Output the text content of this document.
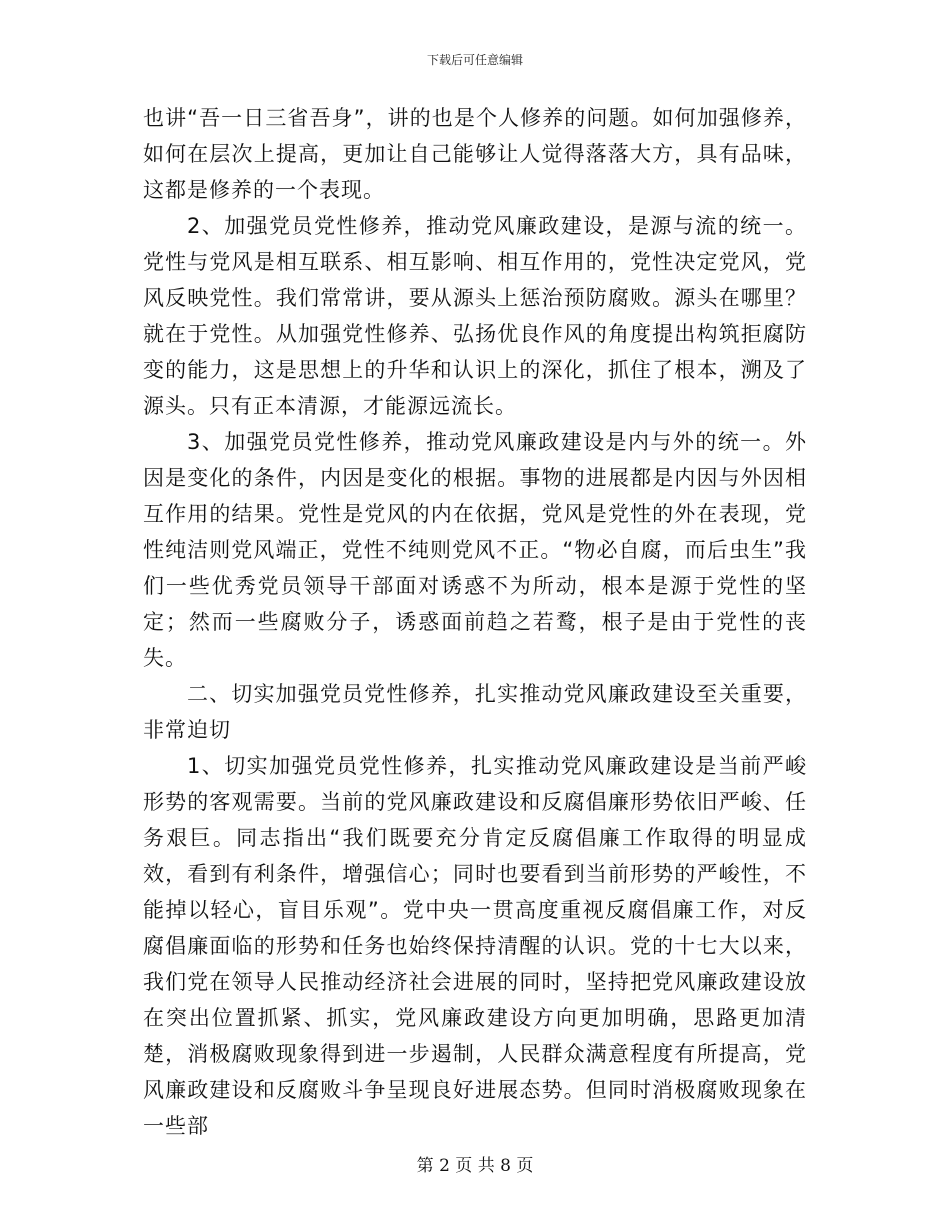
下载后可任意编辑

也讲“吾一日三省吾身”，讲的也是个人修养的问题。如何加强修养，如何在层次上提高，更加让自己能够让人觉得落落大方，具有品味，这都是修养的一个表现。

2、加强党员党性修养，推动党风廉政建设，是源与流的统一。党性与党风是相互联系、相互影响、相互作用的，党性决定党风，党风反映党性。我们常常讲，要从源头上惩治预防腐败。源头在哪里？就在于党性。从加强党性修养、弘扬优良作风的角度提出构筑拒腐防变的能力，这是思想上的升华和认识上的深化，抓住了根本，溯及了源头。只有正本清源，才能源远流长。

3、加强党员党性修养，推动党风廉政建设是内与外的统一。外因是变化的条件，内因是变化的根据。事物的进展都是内因与外因相互作用的结果。党性是党风的内在依据，党风是党性的外在表现，党性纯洁则党风端正，党性不纯则党风不正。“物必自腐，而后虫生”我们一些优秀党员领导干部面对诱惑不为所动，根本是源于党性的坚定；然而一些腐败分子，诱惑面前趋之若鹜，根子是由于党性的丧失。

二、切实加强党员党性修养，扎实推动党风廉政建设至关重要，非常迫切

1、切实加强党员党性修养，扎实推动党风廉政建设是当前严峻形势的客观需要。当前的党风廉政建设和反腐倡廉形势依旧严峻、任务艰巨。同志指出“我们既要充分肯定反腐倡廉工作取得的明显成效，看到有利条件，增强信心；同时也要看到当前形势的严峻性，不能掉以轻心，盲目乐观”。党中央一贯高度重视反腐倡廉工作，对反腐倡廉面临的形势和任务也始终保持清醒的认识。党的十七大以来，我们党在领导人民推动经济社会进展的同时，坚持把党风廉政建设放在突出位置抓紧、抓实，党风廉政建设方向更加明确，思路更加清楚，消极腐败现象得到进一步遏制，人民群众满意程度有所提高，党风廉政建设和反腐败斗争呈现良好进展态势。但同时消极腐败现象在一些部

第 2 页 共 8 页
